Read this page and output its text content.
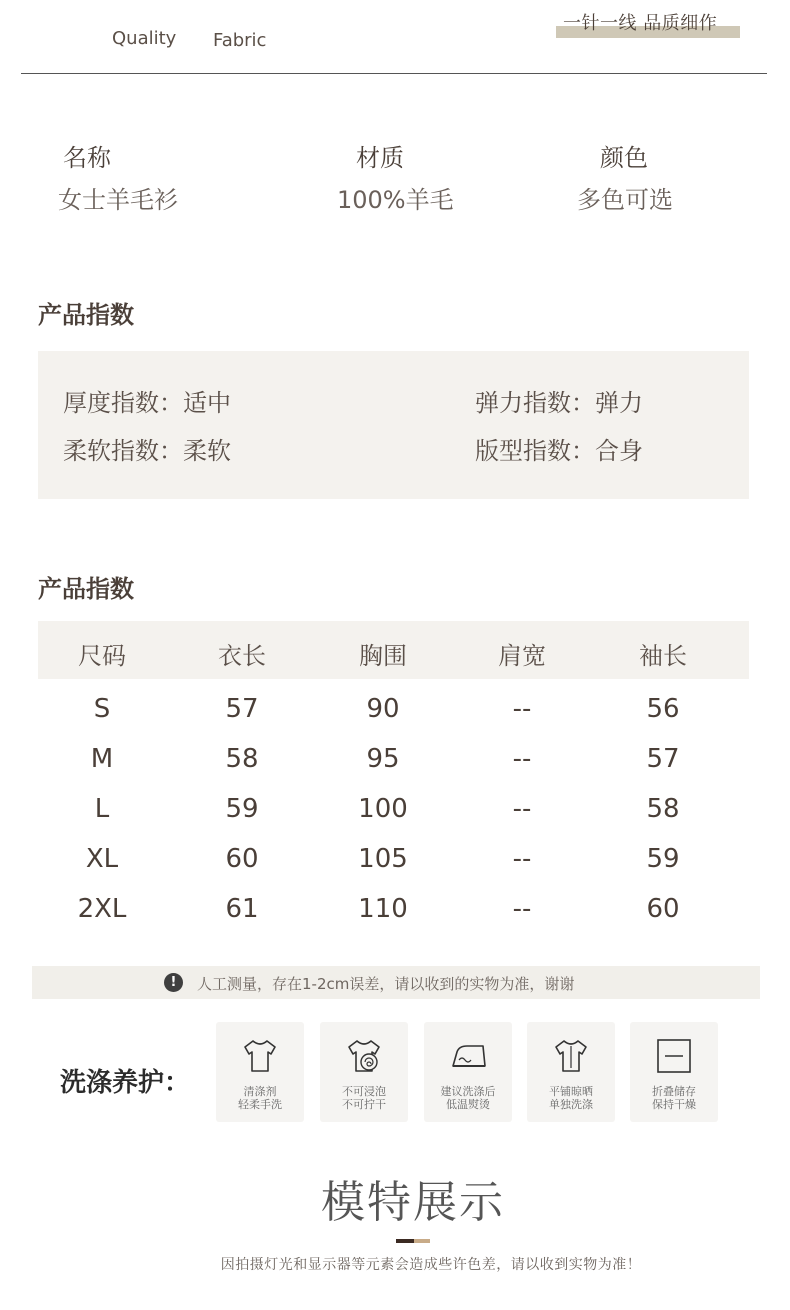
Quality Fabric
一针一线 品质细作
名称
女士羊毛衫
材质
100%羊毛
颜色
多色可选
产品指数
厚度指数：适中	弹力指数：弹力
柔软指数：柔软	版型指数：合身
产品指数
尺码	衣长	胸围	肩宽	袖长
S	57	90	--	56
M	58	95	--	57
L	59	100	--	58
XL	60	105	--	59
2XL	61	110	--	60
!	人工测量，存在1-2cm误差，请以收到的实物为准，谢谢
洗涤养护：	清涤剂
轻柔手洗
不可浸泡
不可拧干
建议洗涤后
低温熨烫
平铺晾晒
单独洗涤
折叠储存
保持干燥
模特展示
因拍摄灯光和显示器等元素会造成些许色差，请以收到实物为准！
